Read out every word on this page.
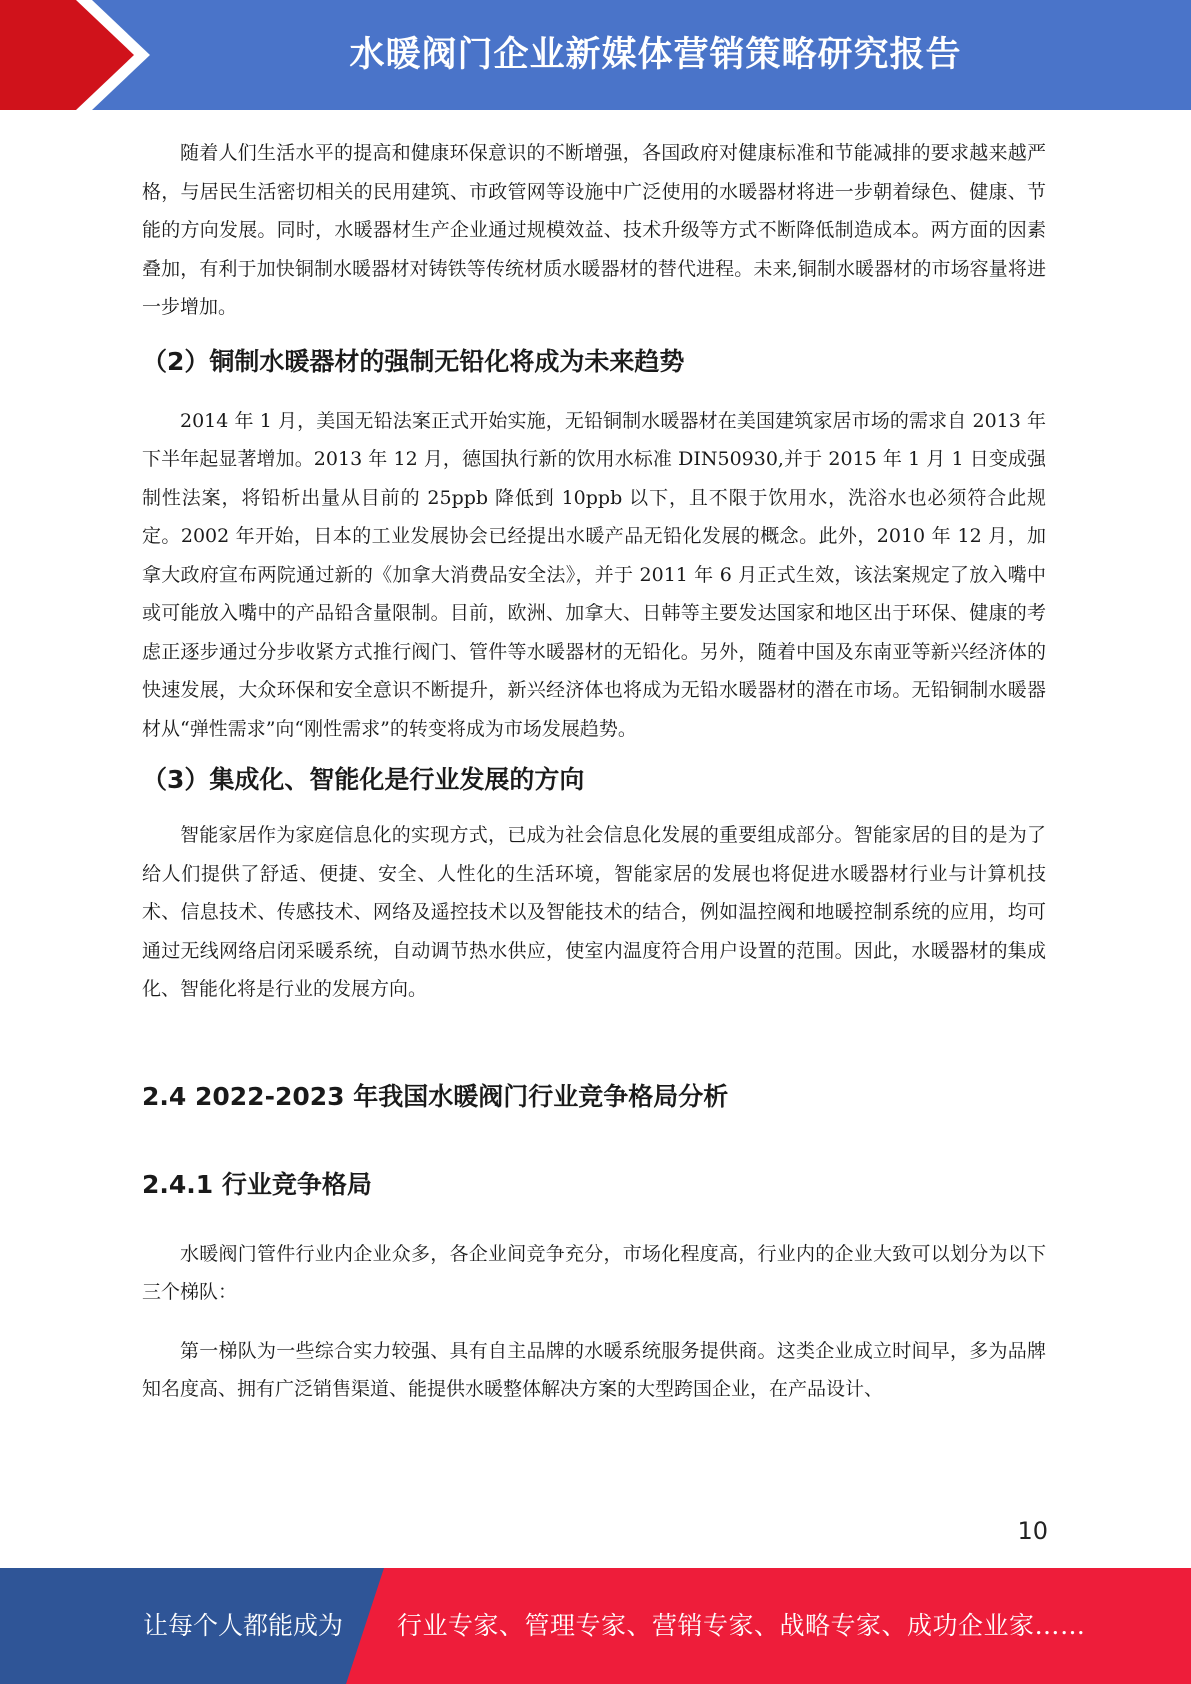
水暖阀门企业新媒体营销策略研究报告

随着人们生活水平的提高和健康环保意识的不断增强，各国政府对健康标准和节能减排的要求越来越严格，与居民生活密切相关的民用建筑、市政管网等设施中广泛使用的水暖器材将进一步朝着绿色、健康、节能的方向发展。同时，水暖器材生产企业通过规模效益、技术升级等方式不断降低制造成本。两方面的因素叠加，有利于加快铜制水暖器材对铸铁等传统材质水暖器材的替代进程。未来,铜制水暖器材的市场容量将进一步增加。

（2）铜制水暖器材的强制无铅化将成为未来趋势

2014 年 1 月，美国无铅法案正式开始实施，无铅铜制水暖器材在美国建筑家居市场的需求自 2013 年下半年起显著增加。2013 年 12 月，德国执行新的饮用水标准 DIN50930,并于 2015 年 1 月 1 日变成强制性法案，将铅析出量从目前的 25ppb 降低到 10ppb 以下，且不限于饮用水，洗浴水也必须符合此规定。2002 年开始，日本的工业发展协会已经提出水暖产品无铅化发展的概念。此外，2010 年 12 月，加拿大政府宣布两院通过新的《加拿大消费品安全法》，并于 2011 年 6 月正式生效，该法案规定了放入嘴中或可能放入嘴中的产品铅含量限制。目前，欧洲、加拿大、日韩等主要发达国家和地区出于环保、健康的考虑正逐步通过分步收紧方式推行阀门、管件等水暖器材的无铅化。另外，随着中国及东南亚等新兴经济体的快速发展，大众环保和安全意识不断提升，新兴经济体也将成为无铅水暖器材的潜在市场。无铅铜制水暖器材从“弹性需求”向“刚性需求”的转变将成为市场发展趋势。

（3）集成化、智能化是行业发展的方向

智能家居作为家庭信息化的实现方式，已成为社会信息化发展的重要组成部分。智能家居的目的是为了给人们提供了舒适、便捷、安全、人性化的生活环境，智能家居的发展也将促进水暖器材行业与计算机技术、信息技术、传感技术、网络及遥控技术以及智能技术的结合，例如温控阀和地暖控制系统的应用，均可通过无线网络启闭采暖系统，自动调节热水供应，使室内温度符合用户设置的范围。因此，水暖器材的集成化、智能化将是行业的发展方向。

2.4 2022-2023 年我国水暖阀门行业竞争格局分析
2.4.1 行业竞争格局

水暖阀门管件行业内企业众多，各企业间竞争充分，市场化程度高，行业内的企业大致可以划分为以下三个梯队：

第一梯队为一些综合实力较强、具有自主品牌的水暖系统服务提供商。这类企业成立时间早，多为品牌知名度高、拥有广泛销售渠道、能提供水暖整体解决方案的大型跨国企业，在产品设计、

10
让每个人都能成为 行业专家、管理专家、营销专家、战略专家、成功企业家……
